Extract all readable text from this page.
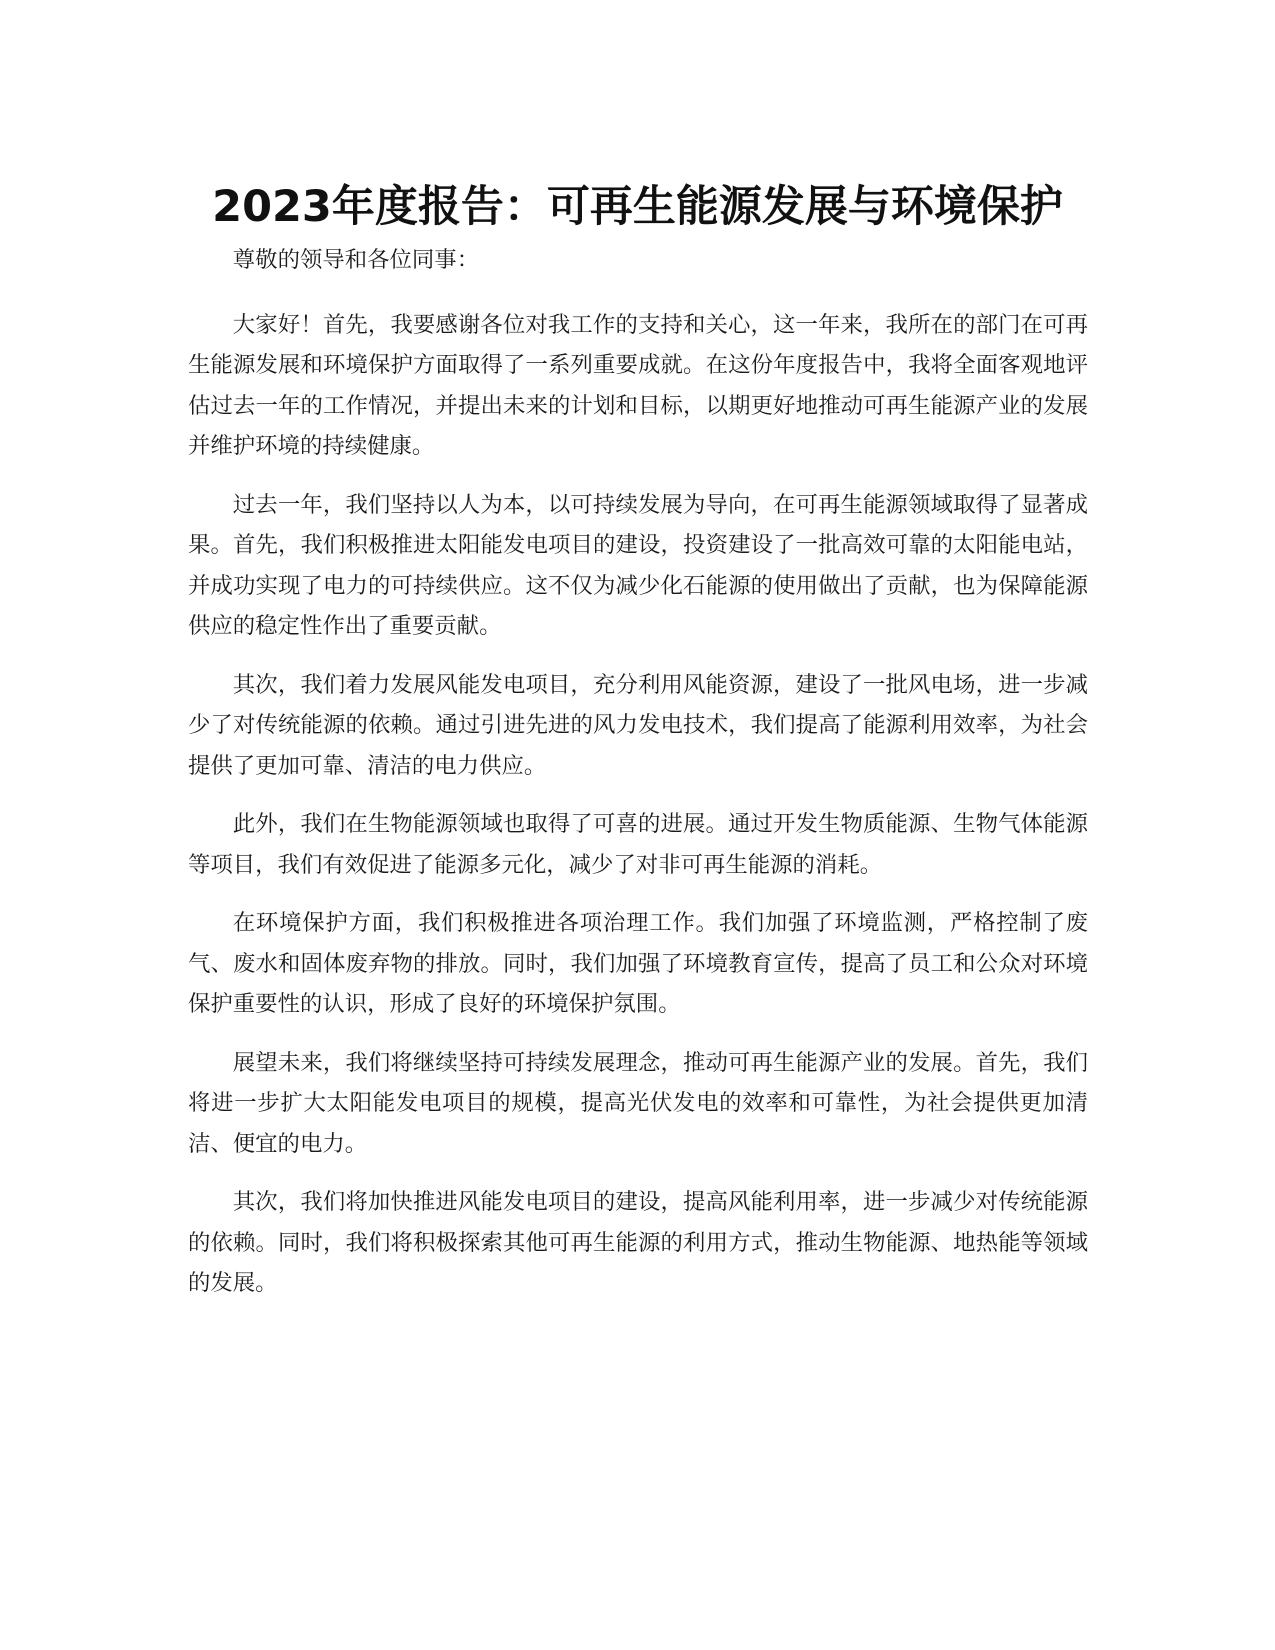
2023年度报告：可再生能源发展与环境保护

尊敬的领导和各位同事：

大家好！首先，我要感谢各位对我工作的支持和关心，这一年来，我所在的部门在可再生能源发展和环境保护方面取得了一系列重要成就。在这份年度报告中，我将全面客观地评估过去一年的工作情况，并提出未来的计划和目标，以期更好地推动可再生能源产业的发展并维护环境的持续健康。

过去一年，我们坚持以人为本，以可持续发展为导向，在可再生能源领域取得了显著成果。首先，我们积极推进太阳能发电项目的建设，投资建设了一批高效可靠的太阳能电站，并成功实现了电力的可持续供应。这不仅为减少化石能源的使用做出了贡献，也为保障能源供应的稳定性作出了重要贡献。

其次，我们着力发展风能发电项目，充分利用风能资源，建设了一批风电场，进一步减少了对传统能源的依赖。通过引进先进的风力发电技术，我们提高了能源利用效率，为社会提供了更加可靠、清洁的电力供应。

此外，我们在生物能源领域也取得了可喜的进展。通过开发生物质能源、生物气体能源等项目，我们有效促进了能源多元化，减少了对非可再生能源的消耗。

在环境保护方面，我们积极推进各项治理工作。我们加强了环境监测，严格控制了废气、废水和固体废弃物的排放。同时，我们加强了环境教育宣传，提高了员工和公众对环境保护重要性的认识，形成了良好的环境保护氛围。

展望未来，我们将继续坚持可持续发展理念，推动可再生能源产业的发展。首先，我们将进一步扩大太阳能发电项目的规模，提高光伏发电的效率和可靠性，为社会提供更加清洁、便宜的电力。

其次，我们将加快推进风能发电项目的建设，提高风能利用率，进一步减少对传统能源的依赖。同时，我们将积极探索其他可再生能源的利用方式，推动生物能源、地热能等领域的发展。
